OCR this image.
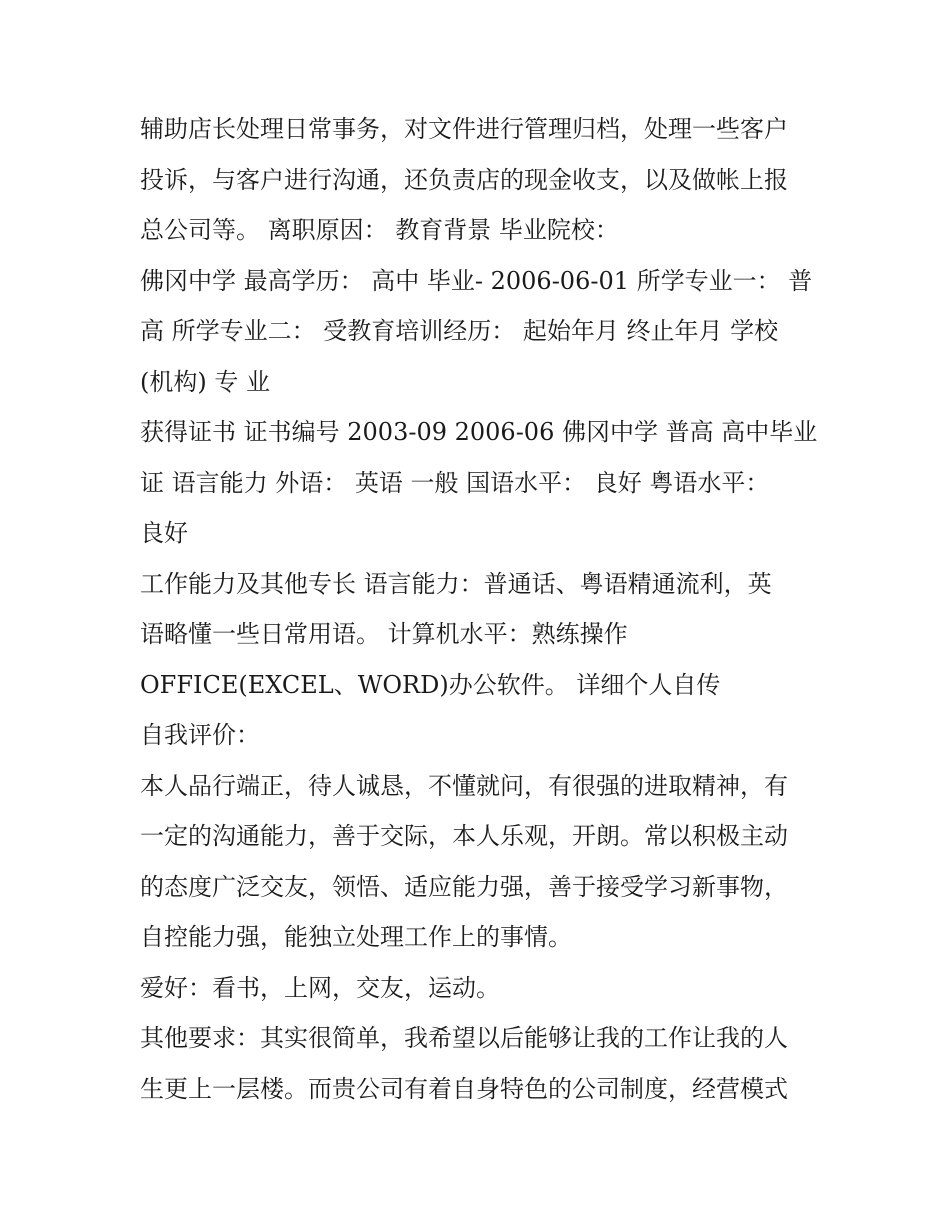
辅助店长处理日常事务，对文件进行管理归档，处理一些客户
投诉，与客户进行沟通，还负责店的现金收支，以及做帐上报
总公司等。 离职原因： 教育背景 毕业院校：
佛冈中学 最高学历： 高中 毕业- 2006-06-01 所学专业一： 普
高 所学专业二： 受教育培训经历： 起始年月 终止年月 学校
(机构) 专 业
获得证书 证书编号 2003-09 2006-06 佛冈中学 普高 高中毕业
证 语言能力 外语： 英语 一般 国语水平： 良好 粤语水平：
良好
工作能力及其他专长 语言能力：普通话、粤语精通流利，英
语略懂一些日常用语。 计算机水平：熟练操作
OFFICE(EXCEL、WORD)办公软件。 详细个人自传
自我评价：
本人品行端正，待人诚恳，不懂就问，有很强的进取精神，有
一定的沟通能力，善于交际，本人乐观，开朗。常以积极主动
的态度广泛交友，领悟、适应能力强，善于接受学习新事物，
自控能力强，能独立处理工作上的事情。
爱好：看书，上网，交友，运动。
其他要求：其实很简单，我希望以后能够让我的工作让我的人
生更上一层楼。而贵公司有着自身特色的公司制度，经营模式
